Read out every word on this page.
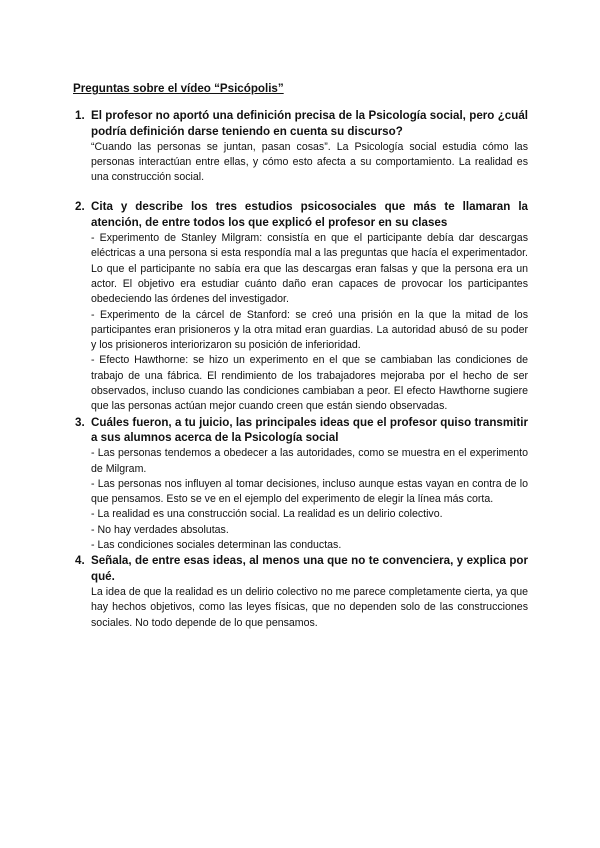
Preguntas sobre el vídeo “Psicópolis”
1. El profesor no aportó una definición precisa de la Psicología social, pero ¿cuál podría definición darse teniendo en cuenta su discurso?

“Cuando las personas se juntan, pasan cosas”. La Psicología social estudia cómo las personas interactúan entre ellas, y cómo esto afecta a su comportamiento. La realidad es una construcción social.

2. Cita y describe los tres estudios psicosociales que más te llamaran la atención, de entre todos los que explicó el profesor en su clases

- Experimento de Stanley Milgram: consistía en que el participante debía dar descargas eléctricas a una persona si esta respondía mal a las preguntas que hacía el experimentador. Lo que el participante no sabía era que las descargas eran falsas y que la persona era un actor. El objetivo era estudiar cuánto daño eran capaces de provocar los participantes obedeciendo las órdenes del investigador.

- Experimento de la cárcel de Stanford: se creó una prisión en la que la mitad de los participantes eran prisioneros y la otra mitad eran guardias. La autoridad abusó de su poder y los prisioneros interiorizaron su posición de inferioridad.

- Efecto Hawthorne: se hizo un experimento en el que se cambiaban las condiciones de trabajo de una fábrica. El rendimiento de los trabajadores mejoraba por el hecho de ser observados, incluso cuando las condiciones cambiaban a peor. El efecto Hawthorne sugiere que las personas actúan mejor cuando creen que están siendo observadas.

3. Cuáles fueron, a tu juicio, las principales ideas que el profesor quiso transmitir a sus alumnos acerca de la Psicología social

- Las personas tendemos a obedecer a las autoridades, como se muestra en el experimento de Milgram.

- Las personas nos influyen al tomar decisiones, incluso aunque estas vayan en contra de lo que pensamos. Esto se ve en el ejemplo del experimento de elegir la línea más corta.

- La realidad es una construcción social. La realidad es un delirio colectivo.

- No hay verdades absolutas.

- Las condiciones sociales determinan las conductas.

4. Señala, de entre esas ideas, al menos una que no te convenciera, y explica por qué.

La idea de que la realidad es un delirio colectivo no me parece completamente cierta, ya que hay hechos objetivos, como las leyes físicas, que no dependen solo de las construcciones sociales. No todo depende de lo que pensamos.
